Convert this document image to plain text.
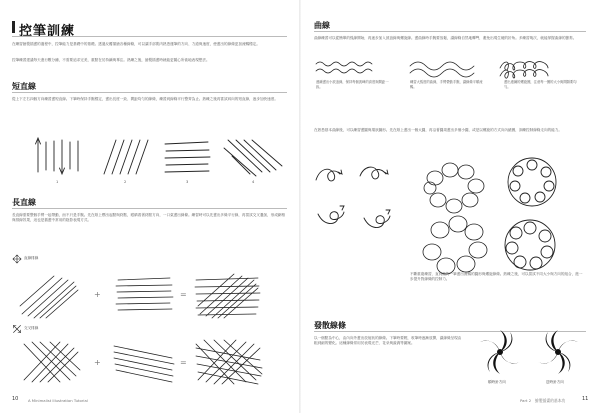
控筆訓練

在練習繪製插畫的過程中，控筆能力是基礎中的基礎。透過反覆描繪各種線條，可以讓手部肌肉熟悉運筆的方向、力道與速度，使畫出的線條更加流暢穩定。

控筆練習建議每天進行數分鐘，不需要追求完美，重點在於持續與專注。熟練之後，繪製插畫時就能更隨心所欲地表現想法。

短直線

從上下左右四個方向練習畫短直線。下筆時保持手腕穩定，畫出長度一致、間距均勻的線條，練習到線條平行整齊為止。熟練之後再嘗試斜向的短直線，逐步加快速度。

1	2	3	4
長直線

長直線需要整個手臂一起帶動，而不只是手腕。先在紙上標出起點與終點，眼睛看著終點方向，一口氣畫出線條。練習時可以先畫出多條平行線，再嘗試交叉疊加，形成網格與排線效果，這也是插畫中常用的陰影表現方式。

直線排線
+	=
交叉排線
+	=
10	A Minimalist Illustration Tutorial
曲線

曲線練習可以從簡單的弧線開始，再逐步加入波浪線與螺旋線。畫曲線時手腕要放鬆，讓線條自然地轉彎，避免出現生硬的折角。多練習幾次，就能掌握曲線的節奏。

連續畫出小波浪線，保持每個波峰的高度與間距一致。

練習大弧度的曲線，手臂帶動手腕，讓線條平順流暢。

畫出連續的螺旋圈，注意每一圈的大小與間隔要均勻。

在熟悉基本曲線後，可以練習畫圓與環狀圖形。先在紙上畫出一個大圓，再沿著圓周畫出多個小圓，或是以螺旋的方式向內繞圈，訓練控制線條走向的能力。

不斷重複練習，直到能夠一筆畫出流暢的圓形與螺旋線條。熟練之後，可以嘗試不同大小與方向的組合，進一步提升對線條的控制力。

發散線條

以一個點為中心，由內向外畫出放射狀的線條。下筆時要輕，收筆時逐漸放開，讓線條呈現由粗到細的變化。這種線條常用於表現光芒、花朵與漩渦等圖案。

順時針方向	逆時針方向
Part 2　繪製插畫的基本功	11
